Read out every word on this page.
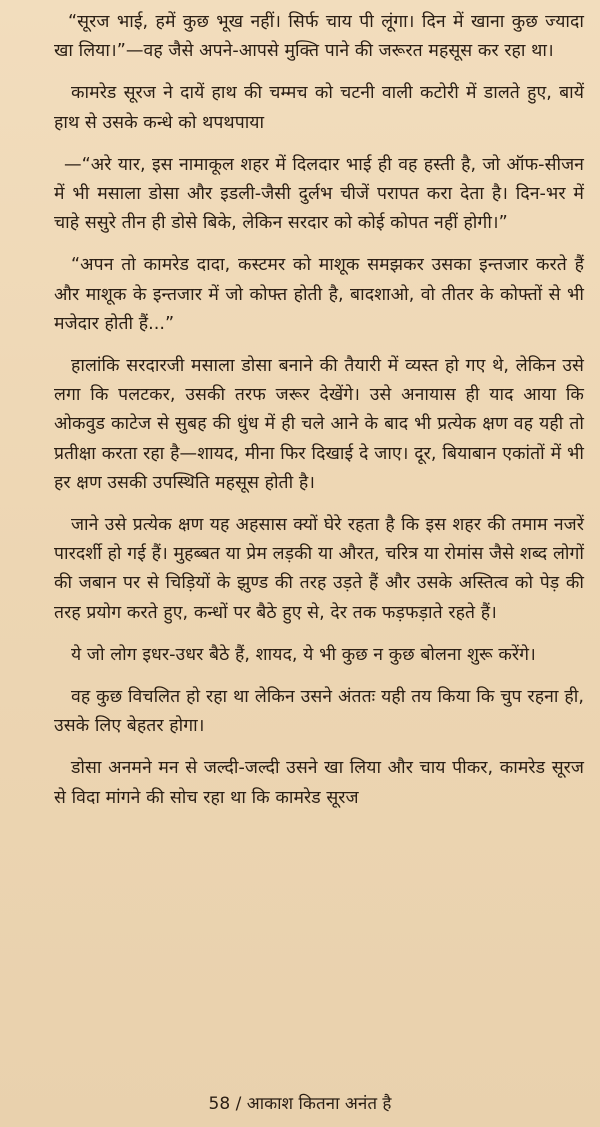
“सूरज भाई, हमें कुछ भूख नहीं। सिर्फ चाय पी लूंगा। दिन में खाना कुछ ज्यादा खा लिया।”—वह जैसे अपने-आपसे मुक्ति पाने की जरूरत महसूस कर रहा था।

कामरेड सूरज ने दायें हाथ की चम्मच को चटनी वाली कटोरी में डालते हुए, बायें हाथ से उसके कन्धे को थपथपाया

—“अरे यार, इस नामाकूल शहर में दिलदार भाई ही वह हस्ती है, जो ऑफ-सीजन में भी मसाला डोसा और इडली-जैसी दुर्लभ चीजें परापत करा देता है। दिन-भर में चाहे ससुरे तीन ही डोसे बिके, लेकिन सरदार को कोई कोपत नहीं होगी।”

“अपन तो कामरेड दादा, कस्टमर को माशूक समझकर उसका इन्तजार करते हैं और माशूक के इन्तजार में जो कोफ्त होती है, बादशाओ, वो तीतर के कोफ्तों से भी मजेदार होती हैं...”

हालांकि सरदारजी मसाला डोसा बनाने की तैयारी में व्यस्त हो गए थे, लेकिन उसे लगा कि पलटकर, उसकी तरफ जरूर देखेंगे। उसे अनायास ही याद आया कि ओकवुड काटेज से सुबह की धुंध में ही चले आने के बाद भी प्रत्येक क्षण वह यही तो प्रतीक्षा करता रहा है—शायद, मीना फिर दिखाई दे जाए। दूर, बियाबान एकांतों में भी हर क्षण उसकी उपस्थिति महसूस होती है।

जाने उसे प्रत्येक क्षण यह अहसास क्यों घेरे रहता है कि इस शहर की तमाम नजरें पारदर्शी हो गई हैं। मुहब्बत या प्रेम लड़की या औरत, चरित्र या रोमांस जैसे शब्द लोगों की जबान पर से चिड़ियों के झुण्ड की तरह उड़ते हैं और उसके अस्तित्व को पेड़ की तरह प्रयोग करते हुए, कन्धों पर बैठे हुए से, देर तक फड़फड़ाते रहते हैं।

ये जो लोग इधर-उधर बैठे हैं, शायद, ये भी कुछ न कुछ बोलना शुरू करेंगे।

वह कुछ विचलित हो रहा था लेकिन उसने अंततः यही तय किया कि चुप रहना ही, उसके लिए बेहतर होगा।

डोसा अनमने मन से जल्दी-जल्दी उसने खा लिया और चाय पीकर, कामरेड सूरज से विदा मांगने की सोच रहा था कि कामरेड सूरज

58 / आकाश कितना अनंत है
